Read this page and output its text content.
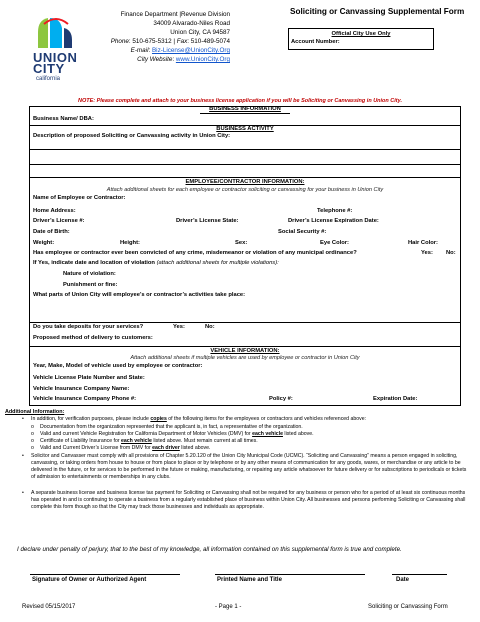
UNION
CITY
california
Finance Department |Revenue Division
34009 Alvarado-Niles Road
Union City, CA 94587
Phone: 510-675-5312 | Fax: 510-489-5074
E-mail: Biz-License@UnionCity.Org
City Website: www.UnionCity.Org
Soliciting or Canvassing Supplemental Form
Official City Use Only
Account Number:
NOTE: Please complete and attach to your business license application if you will be Soliciting or Canvassing in Union City.
BUSINESS INFORMATION
Business Name/ DBA:
BUSINESS ACTIVITY
Description of proposed Soliciting or Canvassing activity in Union City:
EMPLOYEE/CONTRACTOR INFORMATION:
Attach additional sheets for each employee or contractor soliciting or canvassing for your business in Union City
Name of Employee or Contractor:
Home Address:	Telephone #:
Driver’s License #:	Driver’s License State:	Driver’s License Expiration Date:
Date of Birth:	Social Security #:
Weight:	Height:	Sex:	Eye Color:	Hair Color:
Has employee or contractor ever been convicted of any crime, misdemeanor or violation of any municipal ordinance?	Yes: No:
If Yes, indicate date and location of violation (attach additional sheets for multiple violations):
Nature of violation:
Punishment or fine:
What parts of Union City will employee’s or contractor’s activities take place:
Do you take deposits for your services?	Yes:	No:
Proposed method of delivery to customers:
VEHICLE INFORMATION:
Attach additional sheets if multiple vehicles are used by employee or contractor in Union City
Year, Make, Model of vehicle used by employee or contractor:
Vehicle License Plate Number and State:
Vehicle Insurance Company Name:
Vehicle Insurance Company Phone #:	Policy #:	Expiration Date:
Additional Information:
• In addition, for verification purposes, please include copies of the following items for the employees or contractors and vehicles referenced above:
o Documentation from the organization represented that the applicant is, in fact, a representative of the organization.
o Valid and current Vehicle Registration for California Department of Motor Vehicles (DMV) for each vehicle listed above.
o Certificate of Liability Insurance for each vehicle listed above. Must remain current at all times.
o Valid and Current Driver’s License from DMV for each driver listed above.
• Solicitor and Canvasser must comply with all provisions of Chapter 5.20.120 of the Union City Municipal Code (UCMC). “Soliciting and Canvassing” means a person engaged in soliciting, canvassing, or taking orders from house to house or from place to place or by telephone or by any other means of communication for any goods, wares, or merchandise or any article to be delivered in the future, or for services to be performed in the future or making, manufacturing, or repairing any article whatsoever for future delivery or for subscriptions to periodicals or tickets of admission to entertainments or memberships in any clubs.
• A separate business license and business license tax payment for Soliciting or Canvassing shall not be required for any business or person who for a period of at least six continuous months has operated in and is continuing to operate a business from a regularly established place of business within Union City. All businesses and persons performing Soliciting or Canvassing shall complete this form though so that the City may track those businesses and individuals as appropriate.
I declare under penalty of perjury, that to the best of my knowledge, all information contained on this supplemental form is true and complete.
Signature of Owner or Authorized Agent	Printed Name and Title	Date
Revised 05/15/2017	- Page 1 -	Soliciting or Canvassing Form
